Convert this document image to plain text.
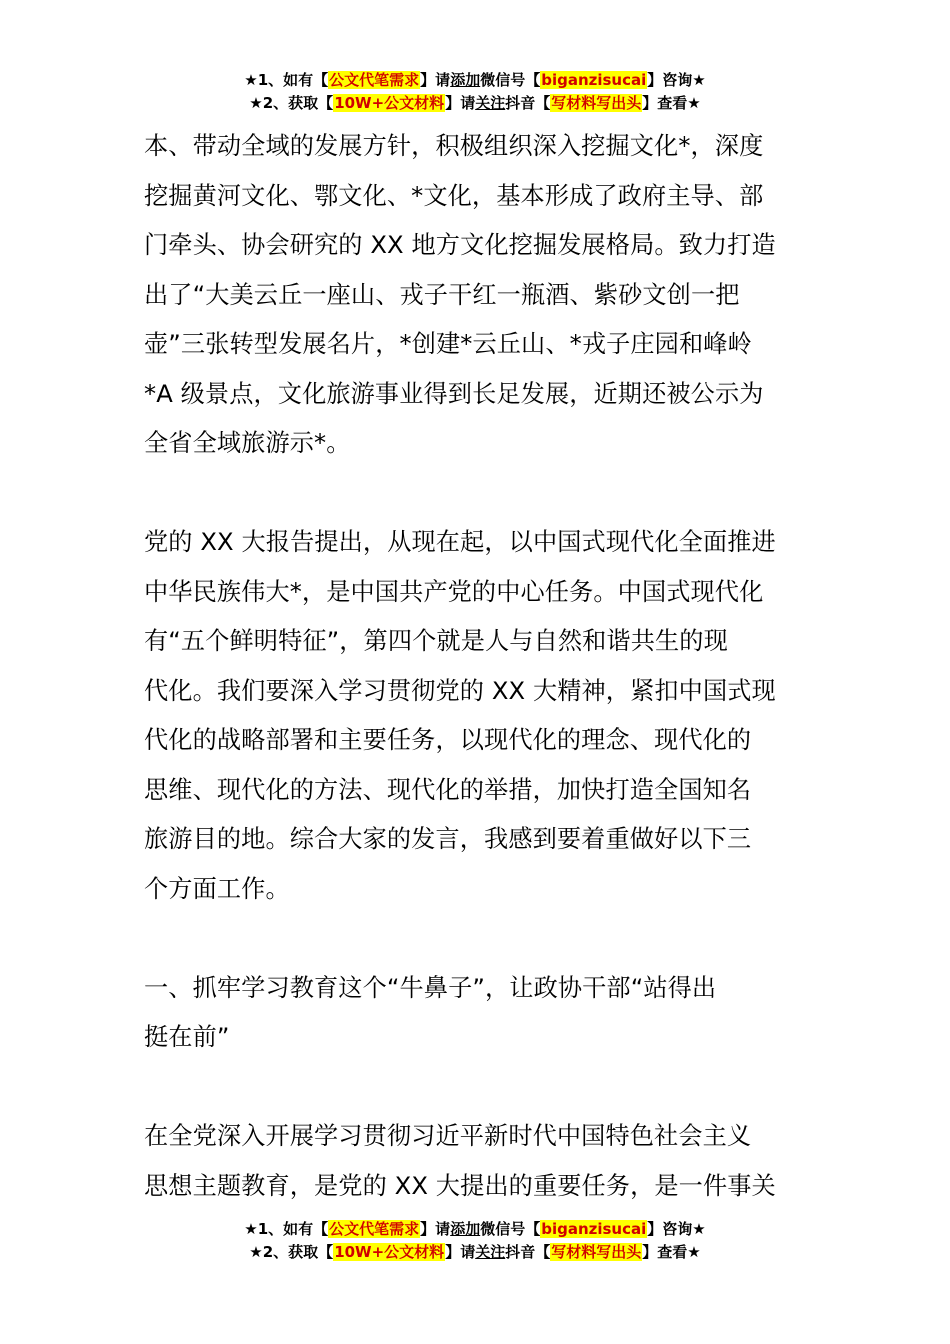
★1、如有【公文代笔需求】请添加微信号【biganzisucai】咨询★
★2、获取【10W+公文材料】请关注抖音【写材料写出头】查看★

本、带动全域的发展方针，积极组织深入挖掘文化*，深度

挖掘黄河文化、鄂文化、*文化，基本形成了政府主导、部

门牵头、协会研究的 XX 地方文化挖掘发展格局。致力打造

出了“大美云丘一座山、戎子干红一瓶酒、紫砂文创一把

壶”三张转型发展名片，*创建*云丘山、*戎子庄园和峰岭

*A 级景点，文化旅游事业得到长足发展，近期还被公示为

全省全域旅游示*。

党的 XX 大报告提出，从现在起，以中国式现代化全面推进

中华民族伟大*，是中国共产党的中心任务。中国式现代化

有“五个鲜明特征”，第四个就是人与自然和谐共生的现

代化。我们要深入学习贯彻党的 XX 大精神，紧扣中国式现

代化的战略部署和主要任务，以现代化的理念、现代化的

思维、现代化的方法、现代化的举措，加快打造全国知名

旅游目的地。综合大家的发言，我感到要着重做好以下三

个方面工作。

一、抓牢学习教育这个“牛鼻子”，让政协干部“站得出

挺在前”

在全党深入开展学习贯彻习近平新时代中国特色社会主义

思想主题教育，是党的 XX 大提出的重要任务，是一件事关

★1、如有【公文代笔需求】请添加微信号【biganzisucai】咨询★
★2、获取【10W+公文材料】请关注抖音【写材料写出头】查看★
